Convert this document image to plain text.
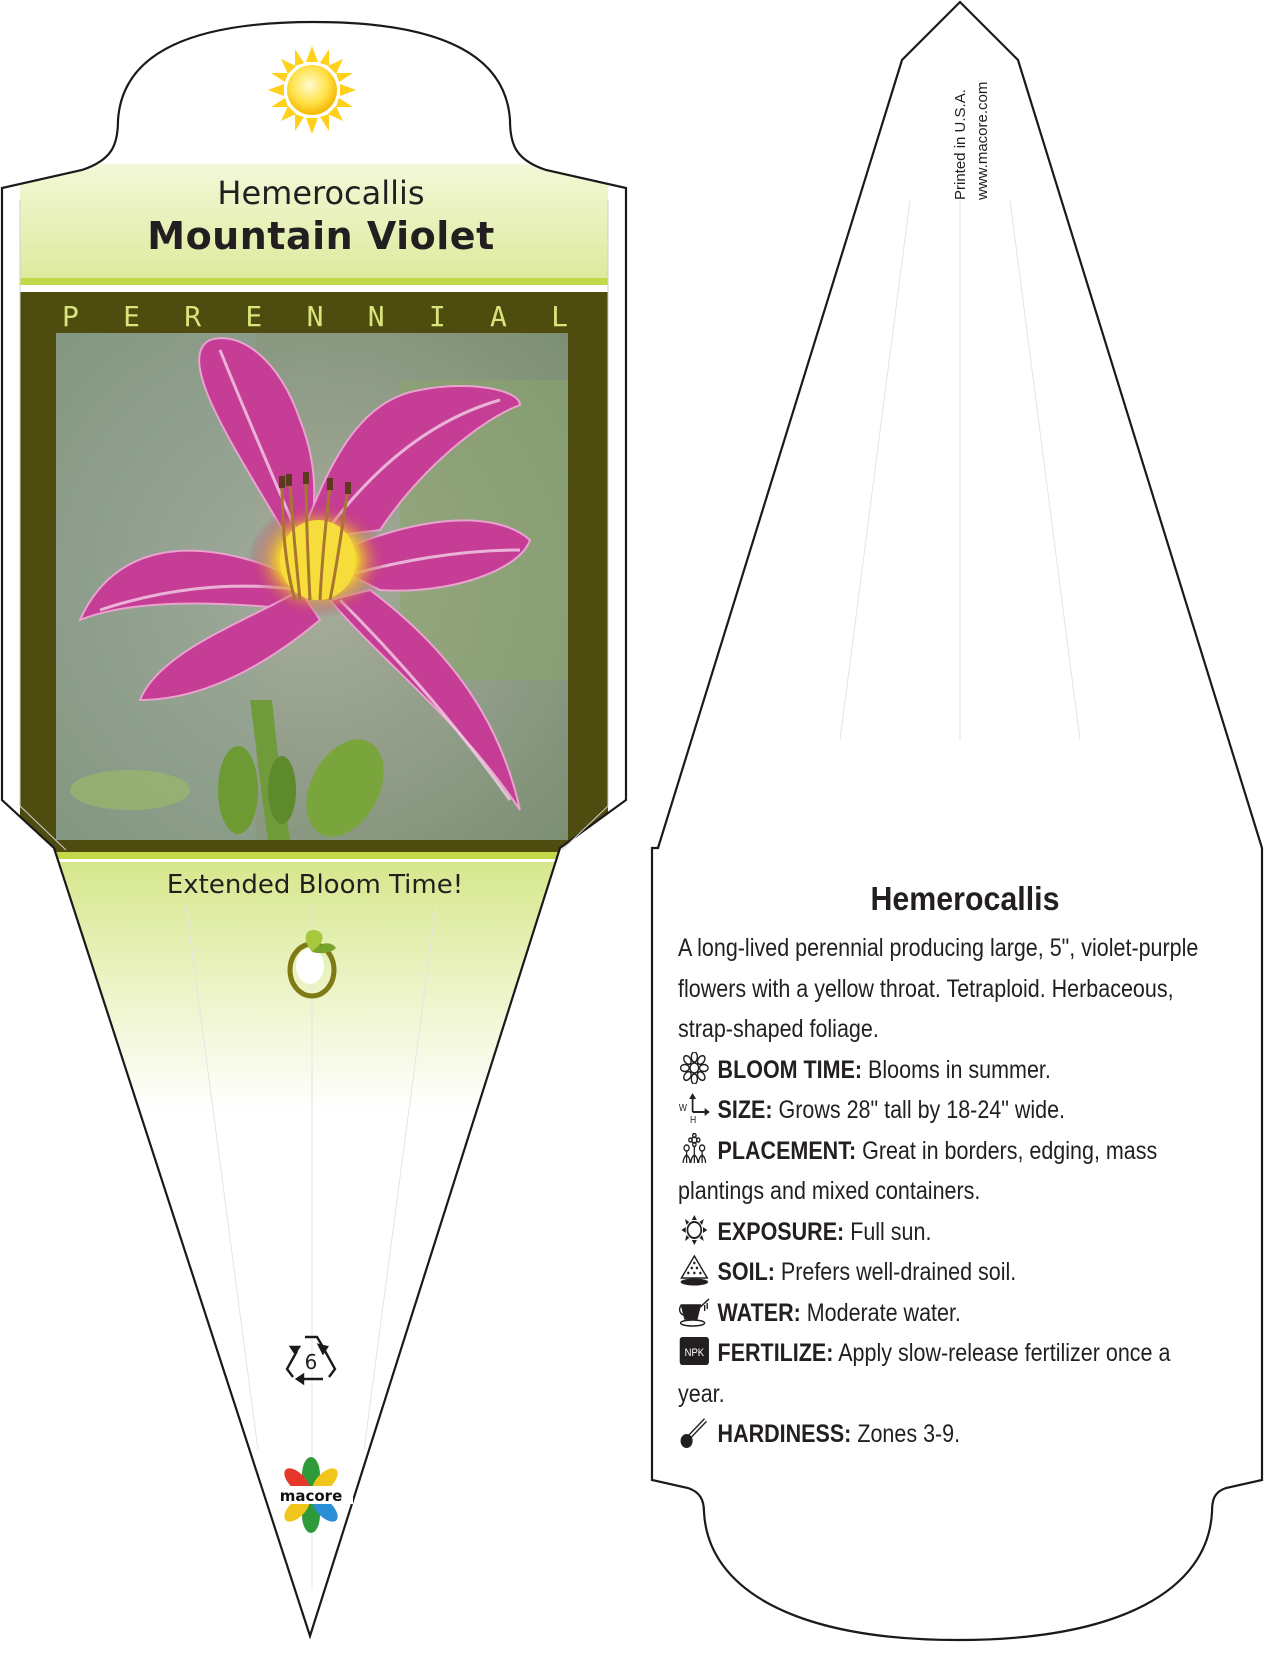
Hemerocallis
Mountain Violet
P E R E N N I A L
Extended Bloom Time!
6
macore
Printed in U.S.A. www.macore.com
Hemerocallis

A long-lived perennial producing large, 5", violet-purple flowers with a yellow throat. Tetraploid. Herbaceous, strap-shaped foliage.

BLOOM TIME: Blooms in summer.

W
H SIZE: Grows 28" tall by 18-24" wide.

PLACEMENT: Great in borders, edging, mass plantings and mixed containers.

EXPOSURE: Full sun.

SOIL: Prefers well-drained soil.

WATER: Moderate water.

NPK FERTILIZE: Apply slow-release fertilizer once a year.

HARDINESS: Zones 3-9.
